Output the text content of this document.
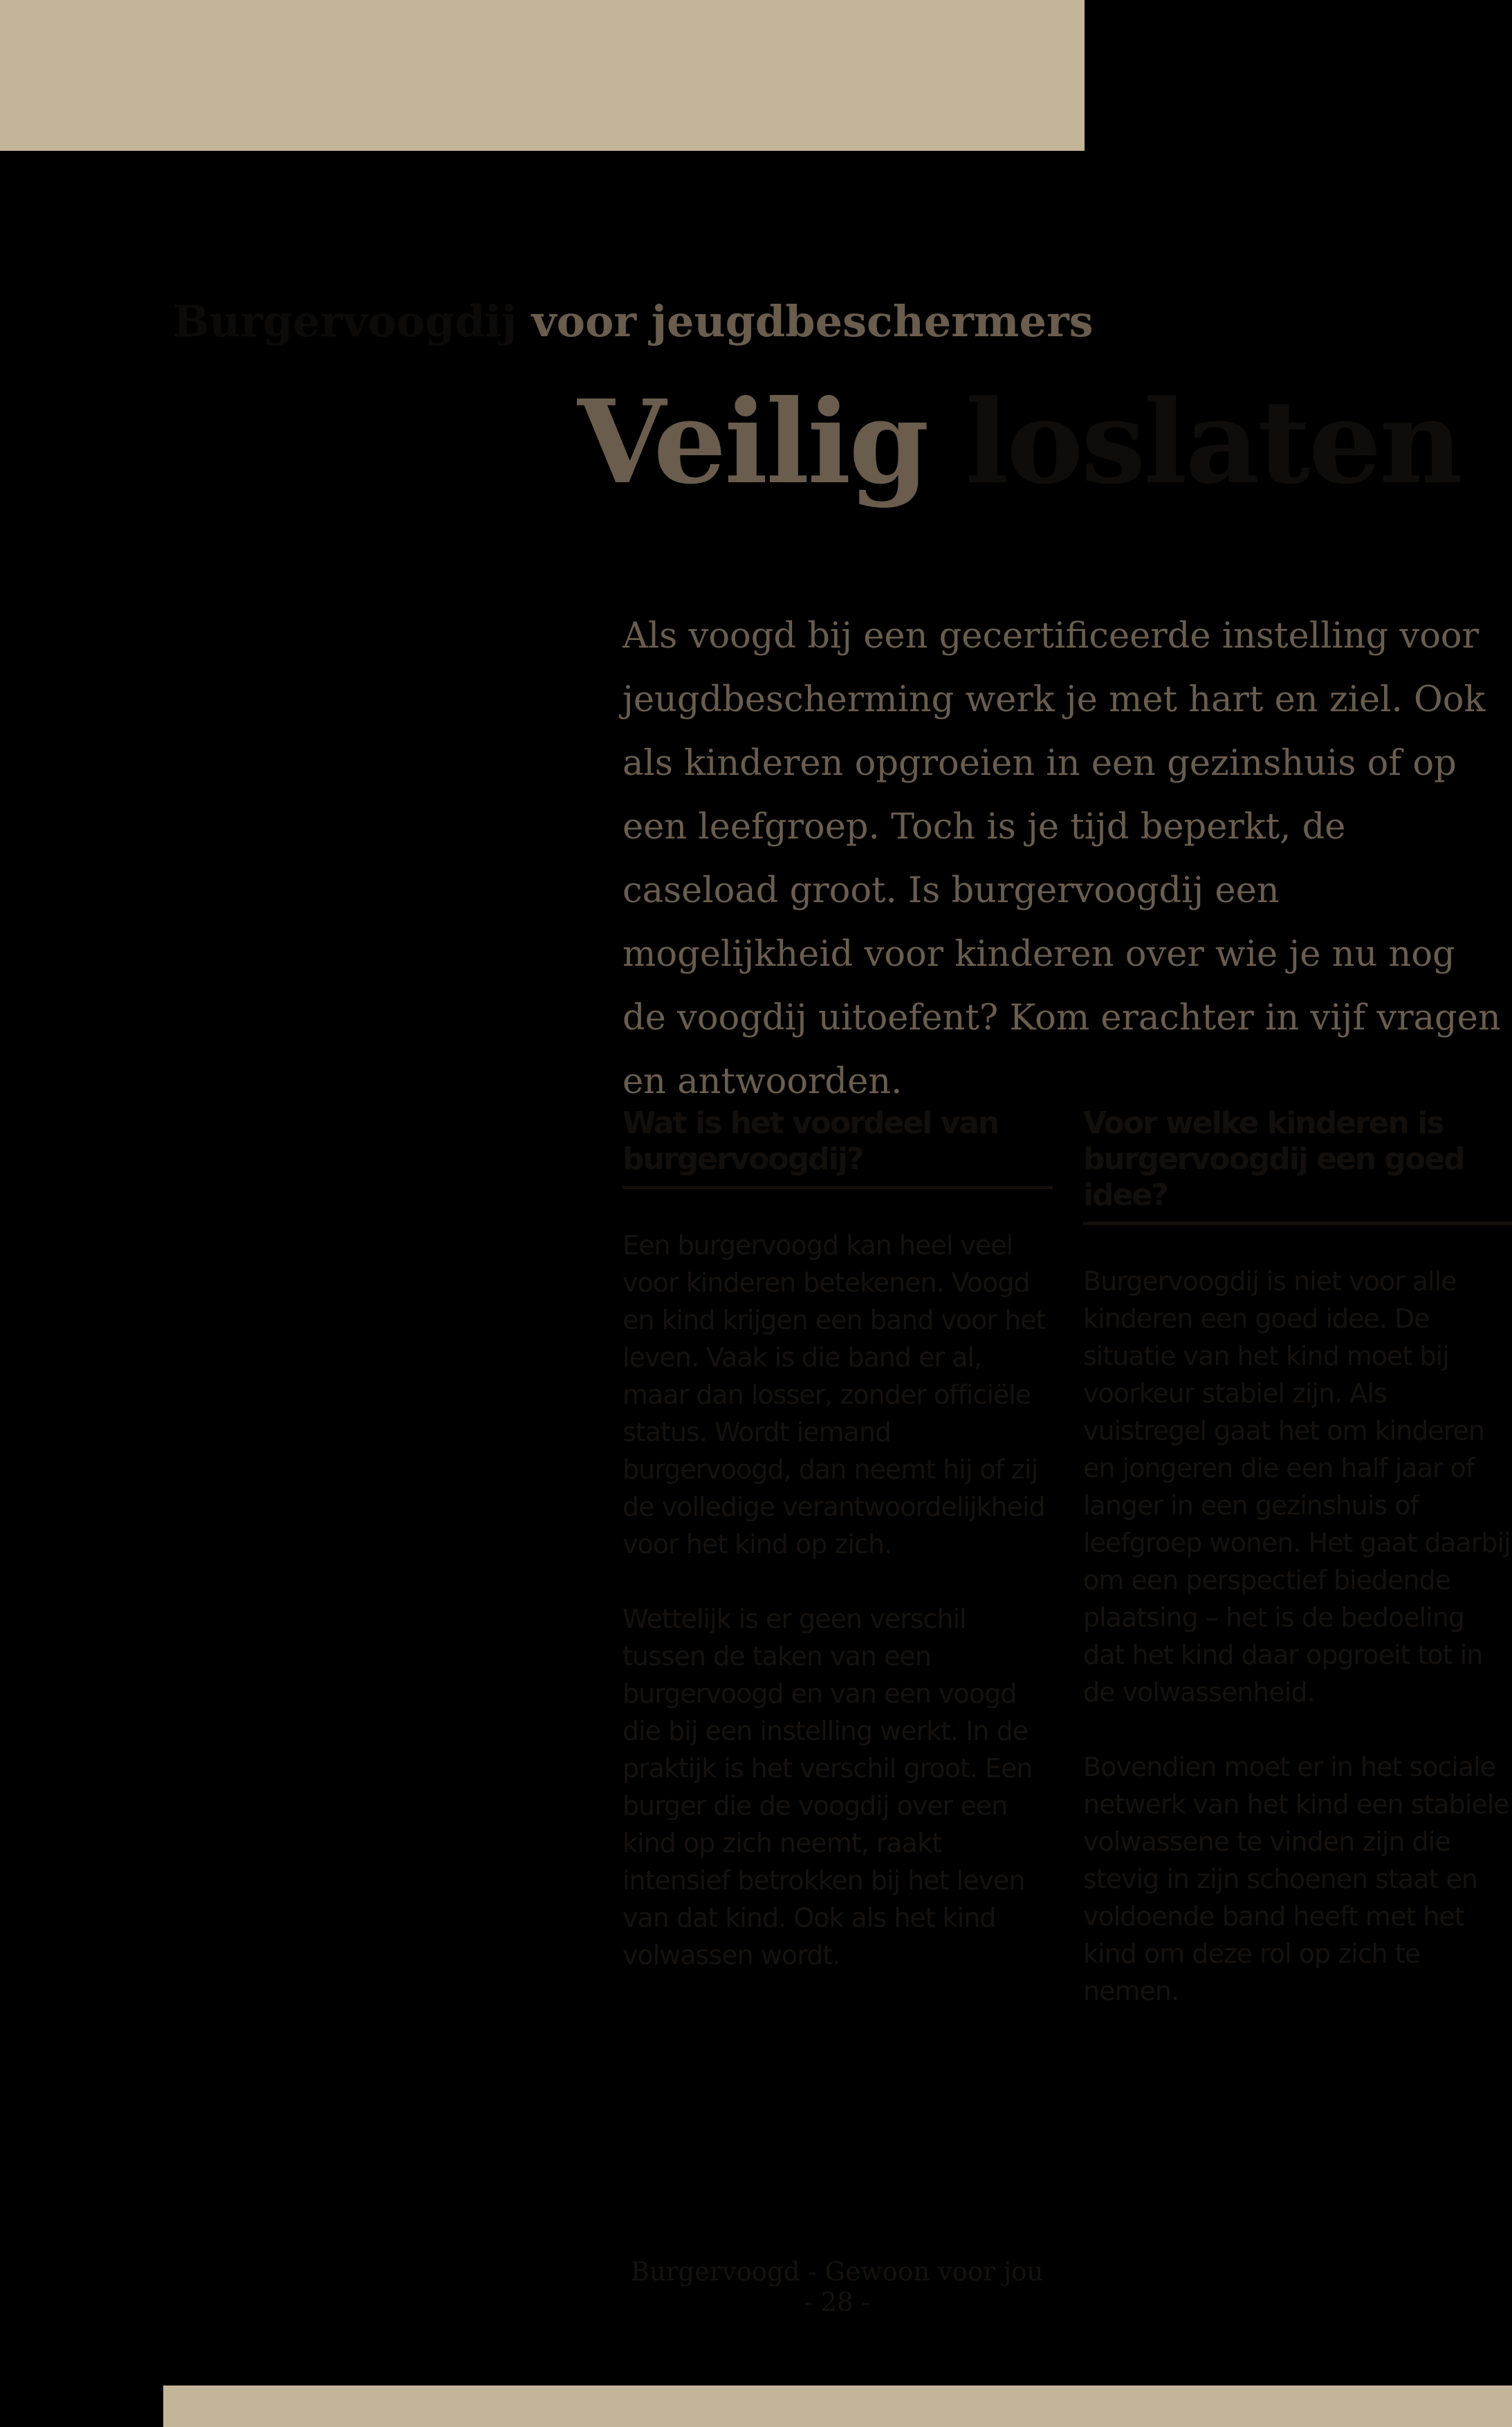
Burgervoogdij voor jeugdbeschermers
Veilig loslaten

Als voogd bij een gecertificeerde instelling voor jeugdbescherming werk je met hart en ziel. Ook als kinderen opgroeien in een gezinshuis of op een leefgroep. Toch is je tijd beperkt, de caseload groot. Is burgervoogdij een mogelijkheid voor kinderen over wie je nu nog de voogdij uitoefent? Kom erachter in vijf vragen en antwoorden.

Wat is het voordeel van burgervoogdij?

Een burgervoogd kan heel veel voor kinderen betekenen. Voogd en kind krijgen een band voor het leven. Vaak is die band er al, maar dan losser, zonder officiële status. Wordt iemand burgervoogd, dan neemt hij of zij de volledige verantwoordelijkheid voor het kind op zich.

Wettelijk is er geen verschil tussen de taken van een burgervoogd en van een voogd die bij een instelling werkt. In de praktijk is het verschil groot. Een burger die de voogdij over een kind op zich neemt, raakt intensief betrokken bij het leven van dat kind. Ook als het kind volwassen wordt.

Voor welke kinderen is burgervoogdij een goed idee?

Burgervoogdij is niet voor alle kinderen een goed idee. De situatie van het kind moet bij voorkeur stabiel zijn. Als vuistregel gaat het om kinderen en jongeren die een half jaar of langer in een gezinshuis of leefgroep wonen. Het gaat daarbij om een perspectief biedende plaatsing – het is de bedoeling dat het kind daar opgroeit tot in de volwassenheid.

Bovendien moet er in het sociale netwerk van het kind een stabiele volwassene te vinden zijn die stevig in zijn schoenen staat en voldoende band heeft met het kind om deze rol op zich te nemen.

Burgervoogd - Gewoon voor jou
- 28 -
